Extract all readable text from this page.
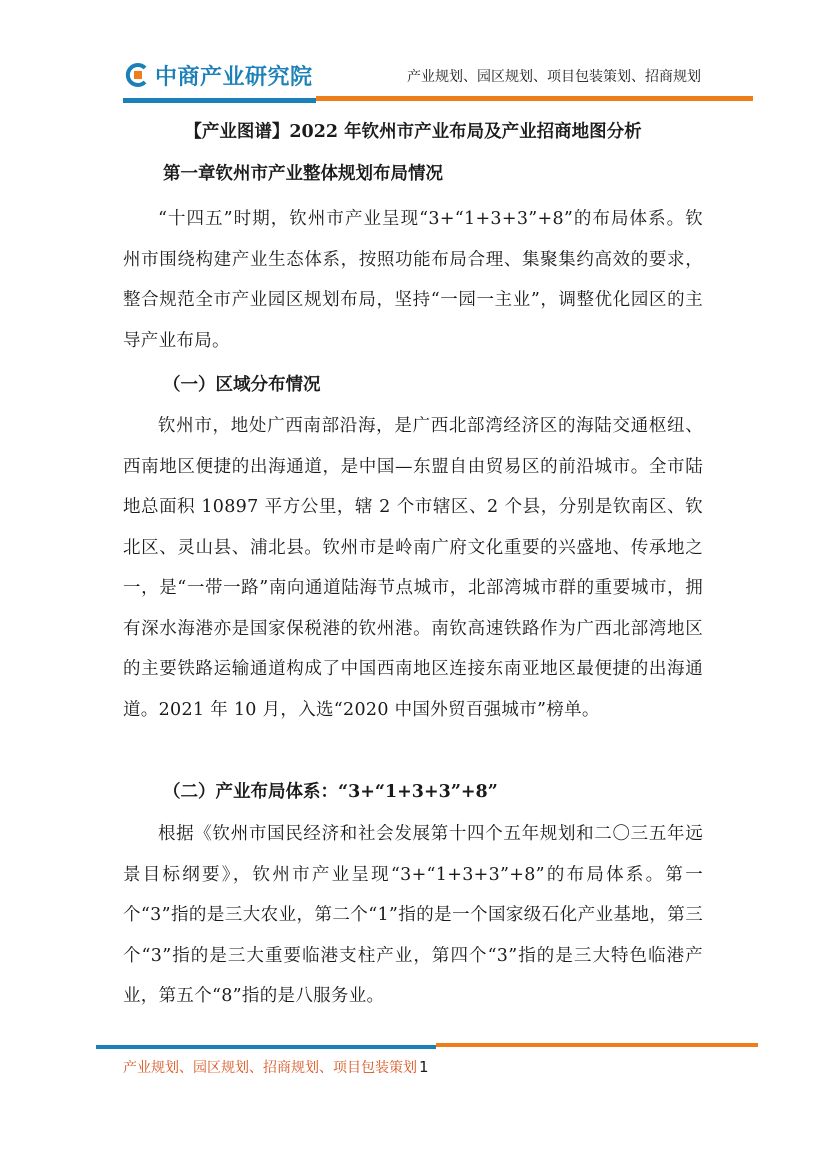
中商产业研究院	产业规划、园区规划、项目包装策划、招商规划
【产业图谱】2022 年钦州市产业布局及产业招商地图分析
第一章钦州市产业整体规划布局情况

“十四五”时期，钦州市产业呈现“3+“1+3+3”+8”的布局体系。钦州市围绕构建产业生态体系，按照功能布局合理、集聚集约高效的要求，整合规范全市产业园区规划布局，坚持“一园一主业”，调整优化园区的主导产业布局。

（一）区域分布情况

钦州市，地处广西南部沿海，是广西北部湾经济区的海陆交通枢纽、西南地区便捷的出海通道，是中国—东盟自由贸易区的前沿城市。全市陆地总面积 10897 平方公里，辖 2 个市辖区、2 个县，分别是钦南区、钦北区、灵山县、浦北县。钦州市是岭南广府文化重要的兴盛地、传承地之一，是“一带一路”南向通道陆海节点城市，北部湾城市群的重要城市，拥有深水海港亦是国家保税港的钦州港。南钦高速铁路作为广西北部湾地区的主要铁路运输通道构成了中国西南地区连接东南亚地区最便捷的出海通道。2021 年 10 月，入选“2020 中国外贸百强城市”榜单。

（二）产业布局体系：“3+“1+3+3”+8”

根据《钦州市国民经济和社会发展第十四个五年规划和二〇三五年远景目标纲要》，钦州市产业呈现“3+“1+3+3”+8”的布局体系。第一个“3”指的是三大农业，第二个“1”指的是一个国家级石化产业基地，第三个“3”指的是三大重要临港支柱产业，第四个“3”指的是三大特色临港产业，第五个“8”指的是八服务业。

产业规划、园区规划、招商规划、项目包装策划 1
